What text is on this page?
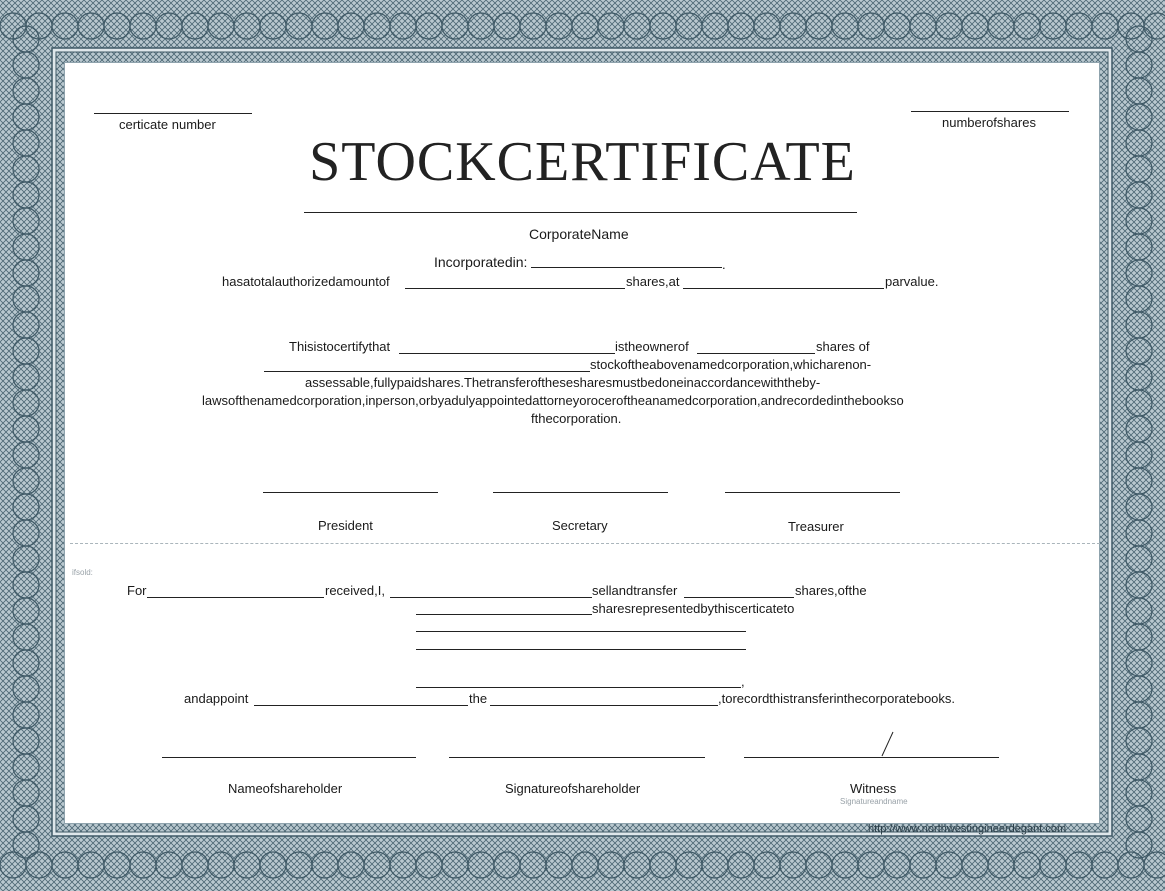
certicate number	numberofshares
STOCKCERTIFICATE
CorporateName
Incorporatedin:	.
hasatotalauthorizedamountof	shares,at	parvalue.
Thisistocertifythat	istheownerof	shares of
stockoftheabovenamedcorporation,whicharenon-
assessable,fullypaidshares.Thetransferofthesesharesmustbedoneinaccordancewiththeby-
lawsofthenamedcorporation,inperson,orbyadulyappointedattorneyoroceroftheanamedcorporation,andrecordedinthebookso
fthecorporation.
President	Secretary	Treasurer
ifsold:
For	received,I,	sellandtransfer	shares,ofthe
sharesrepresentedbythiscerticateto
,
andappoint	the	,torecordthistransferinthecorporatebooks.
Nameofshareholder	Signatureofshareholder	Witness
Signatureandname
http://www.northwestingineerdegant.com
